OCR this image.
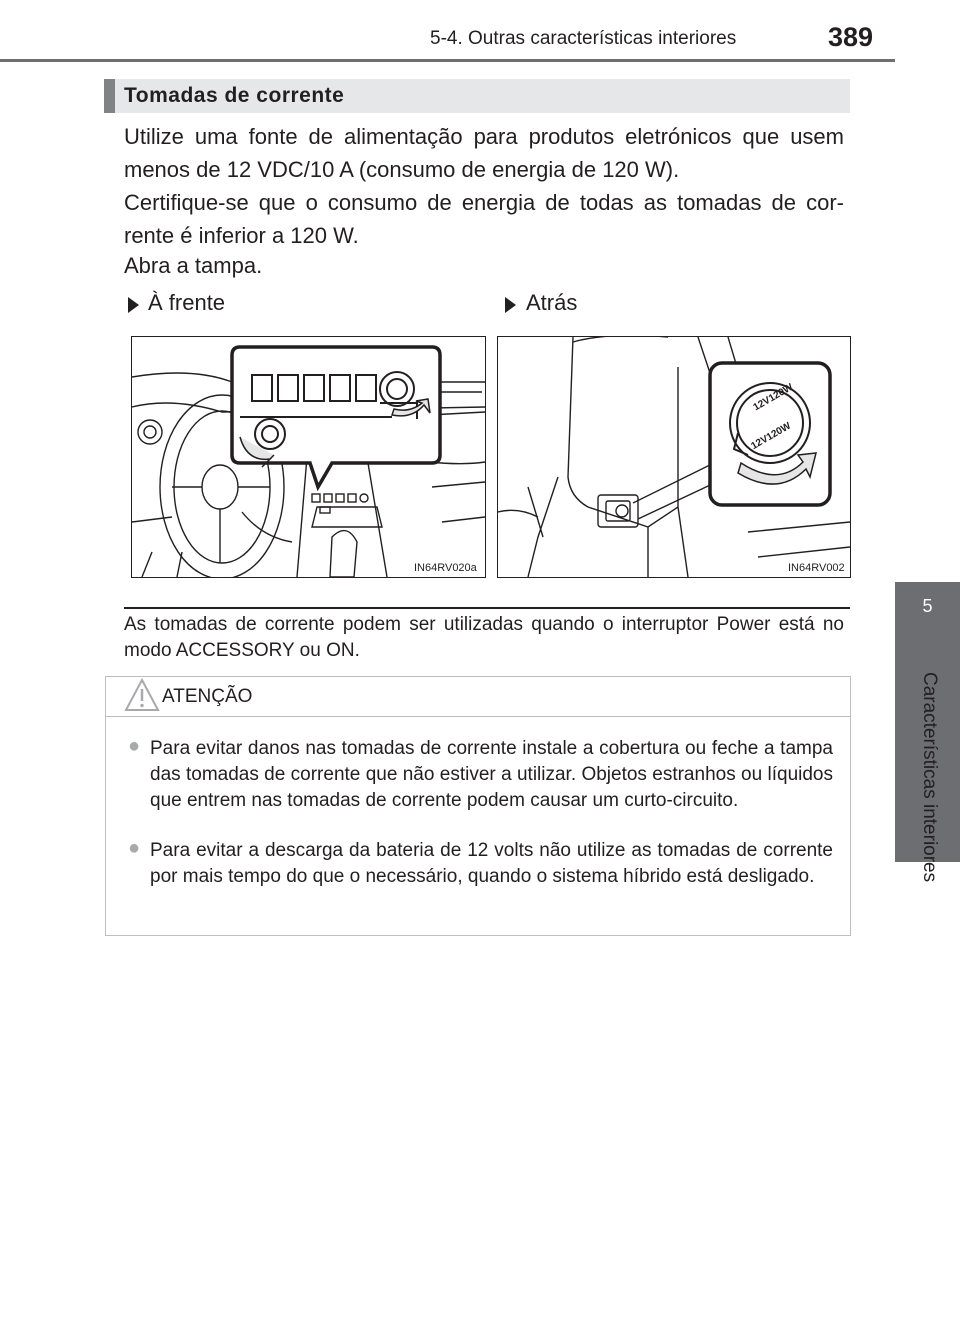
5-4. Outras características interiores	389
5
Características interiores
Tomadas de corrente
Utilize uma fonte de alimentação para produtos eletrónicos que usem menos de 12 VDC/10 A (consumo de energia de 120 W).
Certifique-se que o consumo de energia de todas as tomadas de cor-rente é inferior a 120 W.
Abra a tampa.
À frente	Atrás
IN64RV020a
12V120W
12V120W
IN64RV002
As tomadas de corrente podem ser utilizadas quando o interruptor Power está no modo ACCESSORY ou ON.
ATENÇÃO
● Para evitar danos nas tomadas de corrente instale a cobertura ou feche a tampa das tomadas de corrente que não estiver a utilizar. Objetos estranhos ou líquidos que entrem nas tomadas de corrente podem causar um curto-circuito.
● Para evitar a descarga da bateria de 12 volts não utilize as tomadas de corrente por mais tempo do que o necessário, quando o sistema híbrido está desligado.
